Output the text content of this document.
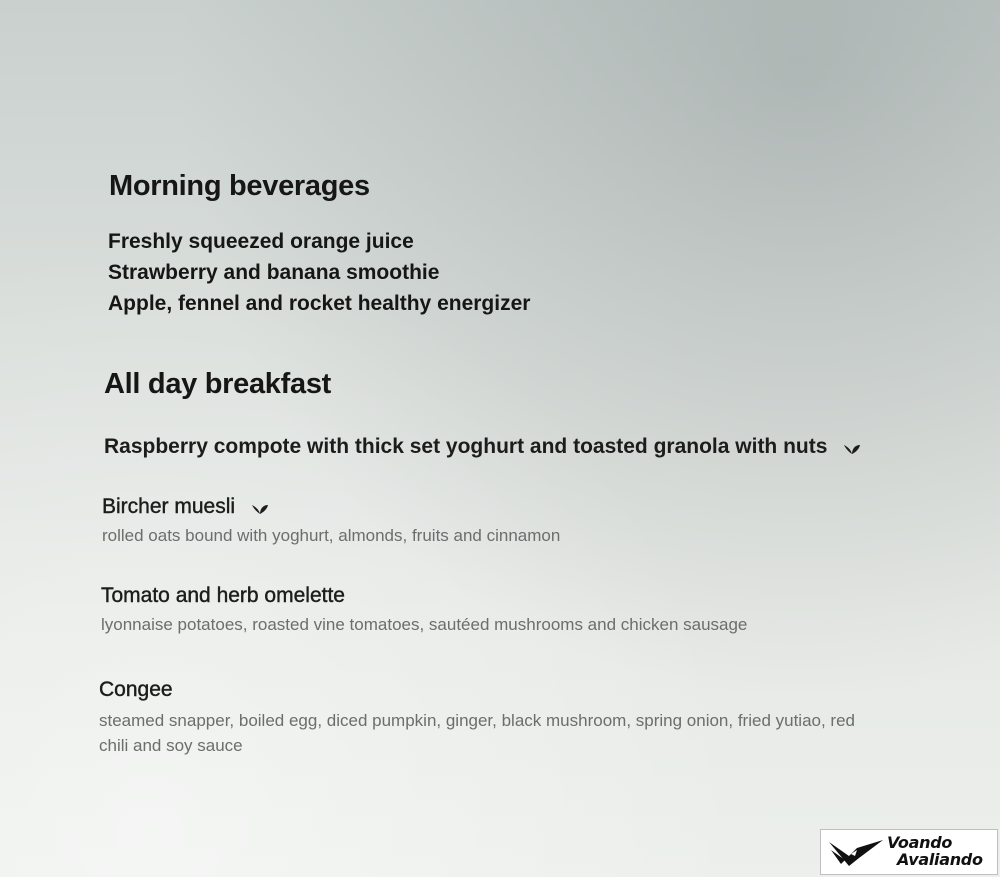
Morning beverages
Freshly squeezed orange juice
Strawberry and banana smoothie
Apple, fennel and rocket healthy energizer
All day breakfast
Raspberry compote with thick set yoghurt and toasted granola with nuts
Bircher muesli
rolled oats bound with yoghurt, almonds, fruits and cinnamon
Tomato and herb omelette
lyonnaise potatoes, roasted vine tomatoes, sautéed mushrooms and chicken sausage
Congee
steamed snapper, boiled egg, diced pumpkin, ginger, black mushroom, spring onion, fried yutiao, red chili and soy sauce
Voando
Avaliando
